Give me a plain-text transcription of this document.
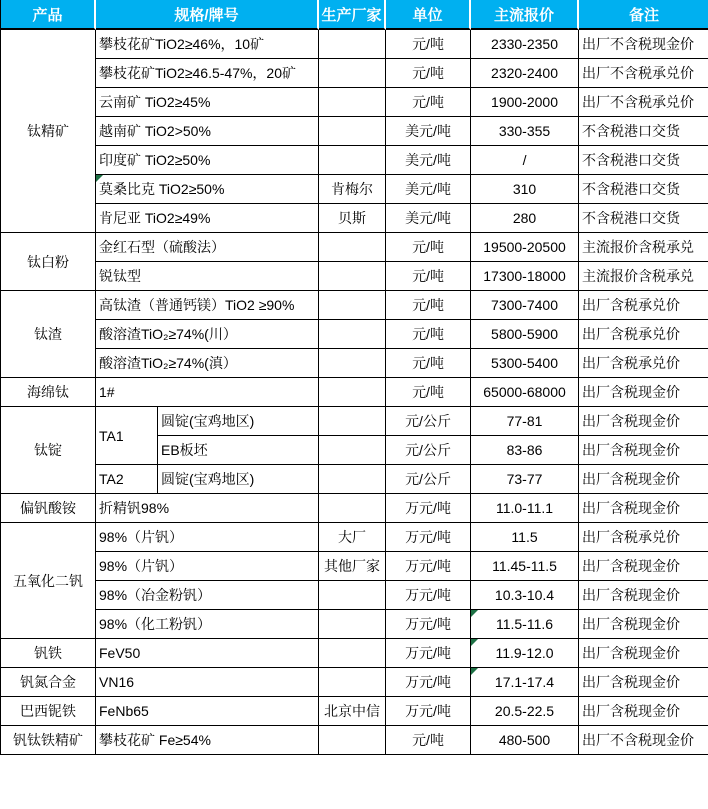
产品	规格/牌号		生产厂家	单位	主流报价	备注
钛精矿	攀枝花矿TiO2≥46%，10矿			元/吨	2330-2350	出厂不含税现金价
	攀枝花矿TiO2≥46.5-47%，20矿			元/吨	2320-2400	出厂不含税承兑价
	云南矿 TiO2≥45%			元/吨	1900-2000	出厂不含税承兑价
	越南矿 TiO2>50%			美元/吨	330-355	不含税港口交货
	印度矿 TiO2≥50%			美元/吨	/	不含税港口交货
	莫桑比克 TiO2≥50%		肯梅尔	美元/吨	310	不含税港口交货
	肯尼亚 TiO2≥49%		贝斯	美元/吨	280	不含税港口交货
钛白粉	金红石型（硫酸法）			元/吨	19500-20500	主流报价含税承兑
	锐钛型			元/吨	17300-18000	主流报价含税承兑
钛渣	高钛渣（普通钙镁）TiO2 ≥90%			元/吨	7300-7400	出厂含税承兑价
	酸溶渣TiO₂≥74%(川）			元/吨	5800-5900	出厂含税承兑价
	酸溶渣TiO₂≥74%(滇）			元/吨	5300-5400	出厂含税承兑价
海绵钛	1#			元/吨	65000-68000	出厂含税现金价
钛锭	TA1	圆锭(宝鸡地区)		元/公斤	77-81	出厂含税现金价
		EB板坯		元/公斤	83-86	出厂含税现金价
	TA2	圆锭(宝鸡地区)		元/公斤	73-77	出厂含税现金价
偏钒酸铵	折精钒98%			万元/吨	11.0-11.1	出厂含税现金价
五氧化二钒	98%（片钒）		大厂	万元/吨	11.5	出厂含税承兑价
	98%（片钒）		其他厂家	万元/吨	11.45-11.5	出厂含税现金价
	98%（冶金粉钒）			万元/吨	10.3-10.4	出厂含税现金价
	98%（化工粉钒）			万元/吨	11.5-11.6	出厂含税现金价
钒铁	FeV50			万元/吨	11.9-12.0	出厂含税现金价
钒氮合金	VN16			万元/吨	17.1-17.4	出厂含税现金价
巴西铌铁	FeNb65		北京中信	万元/吨	20.5-22.5	出厂含税现金价
钒钛铁精矿	攀枝花矿 Fe≥54%			元/吨	480-500	出厂不含税现金价
